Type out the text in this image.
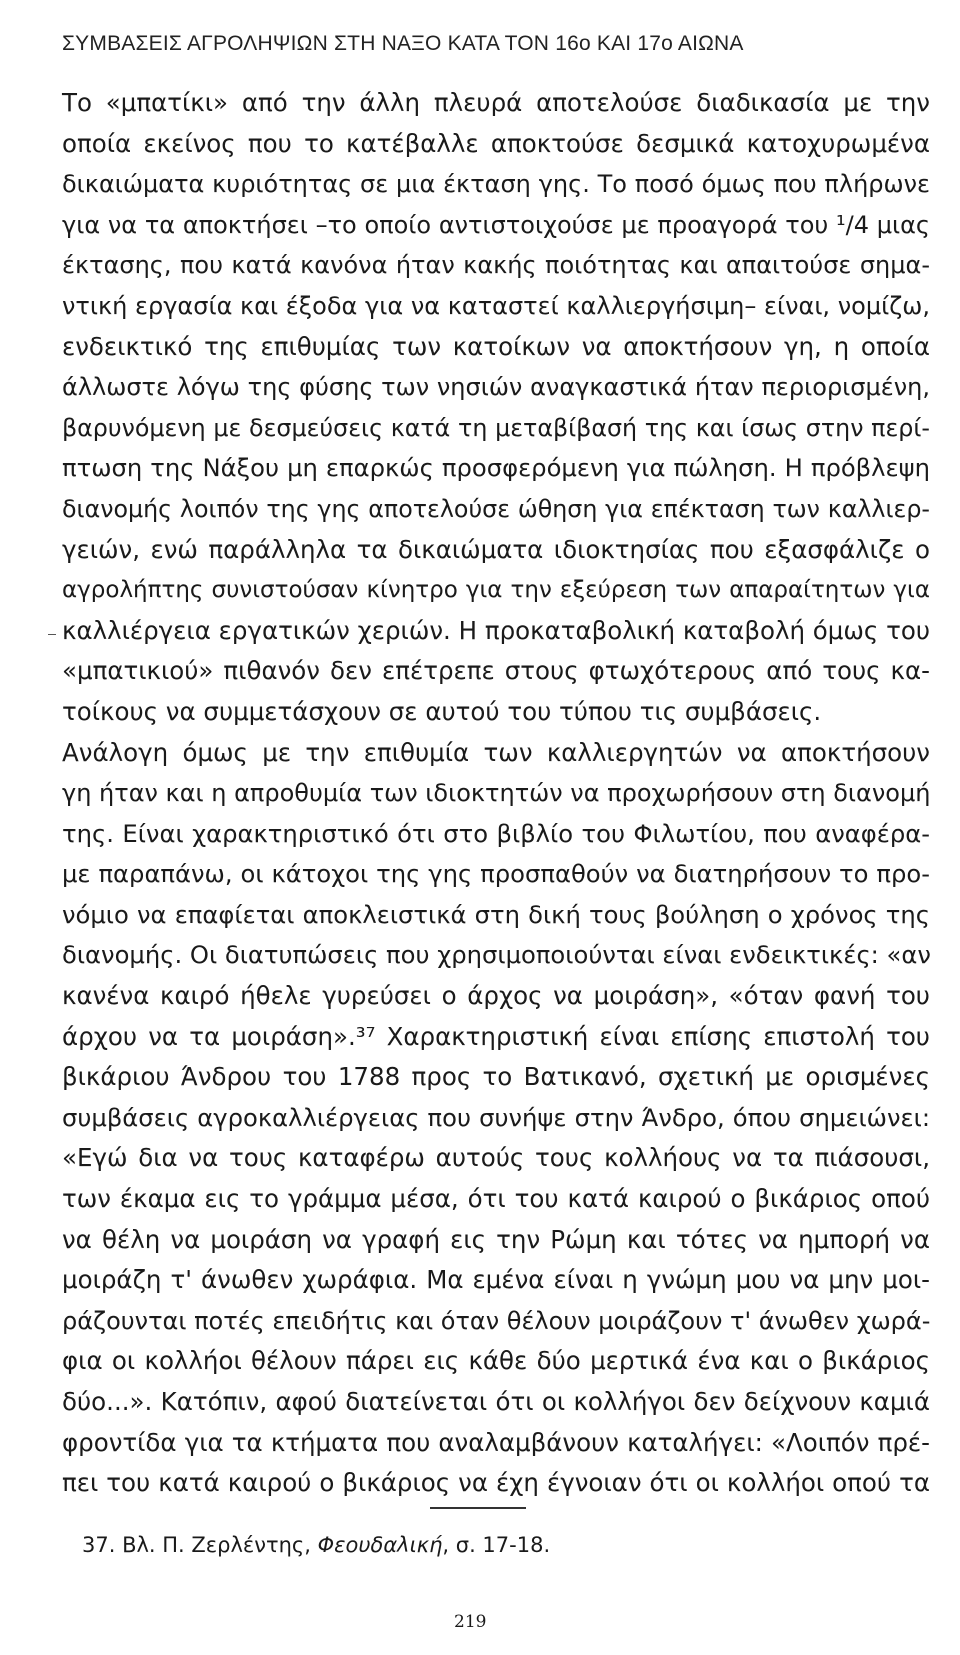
ΣΥΜΒΑΣΕΙΣ ΑΓΡΟΛΗΨΙΩΝ ΣΤΗ ΝΑΞΟ ΚΑΤΑ ΤΟΝ 16ο ΚΑΙ 17ο ΑΙΩΝΑ
Το «μπατίκι» από την άλλη πλευρά αποτελούσε διαδικασία με την
οποία εκείνος που το κατέβαλλε αποκτούσε δεσμικά κατοχυρωμένα
δικαιώματα κυριότητας σε μια έκταση γης. Το ποσό όμως που πλήρωνε
για να τα αποκτήσει –το οποίο αντιστοιχούσε με προαγορά του ¹/4 μιας
έκτασης, που κατά κανόνα ήταν κακής ποιότητας και απαιτούσε σημα-
ντική εργασία και έξοδα για να καταστεί καλλιεργήσιμη– είναι, νομίζω,
ενδεικτικό της επιθυμίας των κατοίκων να αποκτήσουν γη, η οποία
άλλωστε λόγω της φύσης των νησιών αναγκαστικά ήταν περιορισμένη,
βαρυνόμενη με δεσμεύσεις κατά τη μεταβίβασή της και ίσως στην περί-
πτωση της Νάξου μη επαρκώς προσφερόμενη για πώληση. Η πρόβλεψη
διανομής λοιπόν της γης αποτελούσε ώθηση για επέκταση των καλλιερ-
γειών, ενώ παράλληλα τα δικαιώματα ιδιοκτησίας που εξασφάλιζε ο
αγρολήπτης συνιστούσαν κίνητρο για την εξεύρεση των απαραίτητων για
καλλιέργεια εργατικών χεριών. Η προκαταβολική καταβολή όμως του
«μπατικιού» πιθανόν δεν επέτρεπε στους φτωχότερους από τους κα-
τοίκους να συμμετάσχουν σε αυτού του τύπου τις συμβάσεις.
Ανάλογη όμως με την επιθυμία των καλλιεργητών να αποκτήσουν
γη ήταν και η απροθυμία των ιδιοκτητών να προχωρήσουν στη διανομή
της. Είναι χαρακτηριστικό ότι στο βιβλίο του Φιλωτίου, που αναφέρα-
με παραπάνω, οι κάτοχοι της γης προσπαθούν να διατηρήσουν το προ-
νόμιο να επαφίεται αποκλειστικά στη δική τους βούληση ο χρόνος της
διανομής. Οι διατυπώσεις που χρησιμοποιούνται είναι ενδεικτικές: «αν
κανένα καιρό ήθελε γυρεύσει ο άρχος να μοιράση», «όταν φανή του
άρχου να τα μοιράση».³⁷ Χαρακτηριστική είναι επίσης επιστολή του
βικάριου Άνδρου του 1788 προς το Βατικανό, σχετική με ορισμένες
συμβάσεις αγροκαλλιέργειας που συνήψε στην Άνδρο, όπου σημειώνει:
«Εγώ δια να τους καταφέρω αυτούς τους κολλήους να τα πιάσουσι,
των έκαμα εις το γράμμα μέσα, ότι του κατά καιρού ο βικάριος οπού
να θέλη να μοιράση να γραφή εις την Ρώμη και τότες να ημπορή να
μοιράζη τ' άνωθεν χωράφια. Μα εμένα είναι η γνώμη μου να μην μοι-
ράζουνται ποτές επειδήτις και όταν θέλουν μοιράζουν τ' άνωθεν χωρά-
φια οι κολλήοι θέλουν πάρει εις κάθε δύο μερτικά ένα και ο βικάριος
δύο...». Κατόπιν, αφού διατείνεται ότι οι κολλήγοι δεν δείχνουν καμιά
φροντίδα για τα κτήματα που αναλαμβάνουν καταλήγει: «Λοιπόν πρέ-
πει του κατά καιρού ο βικάριος να έχη έγνοιαν ότι οι κολλήοι οπού τα
37. Βλ. Π. Ζερλέντης, Φεουδαλική, σ. 17-18.
219
